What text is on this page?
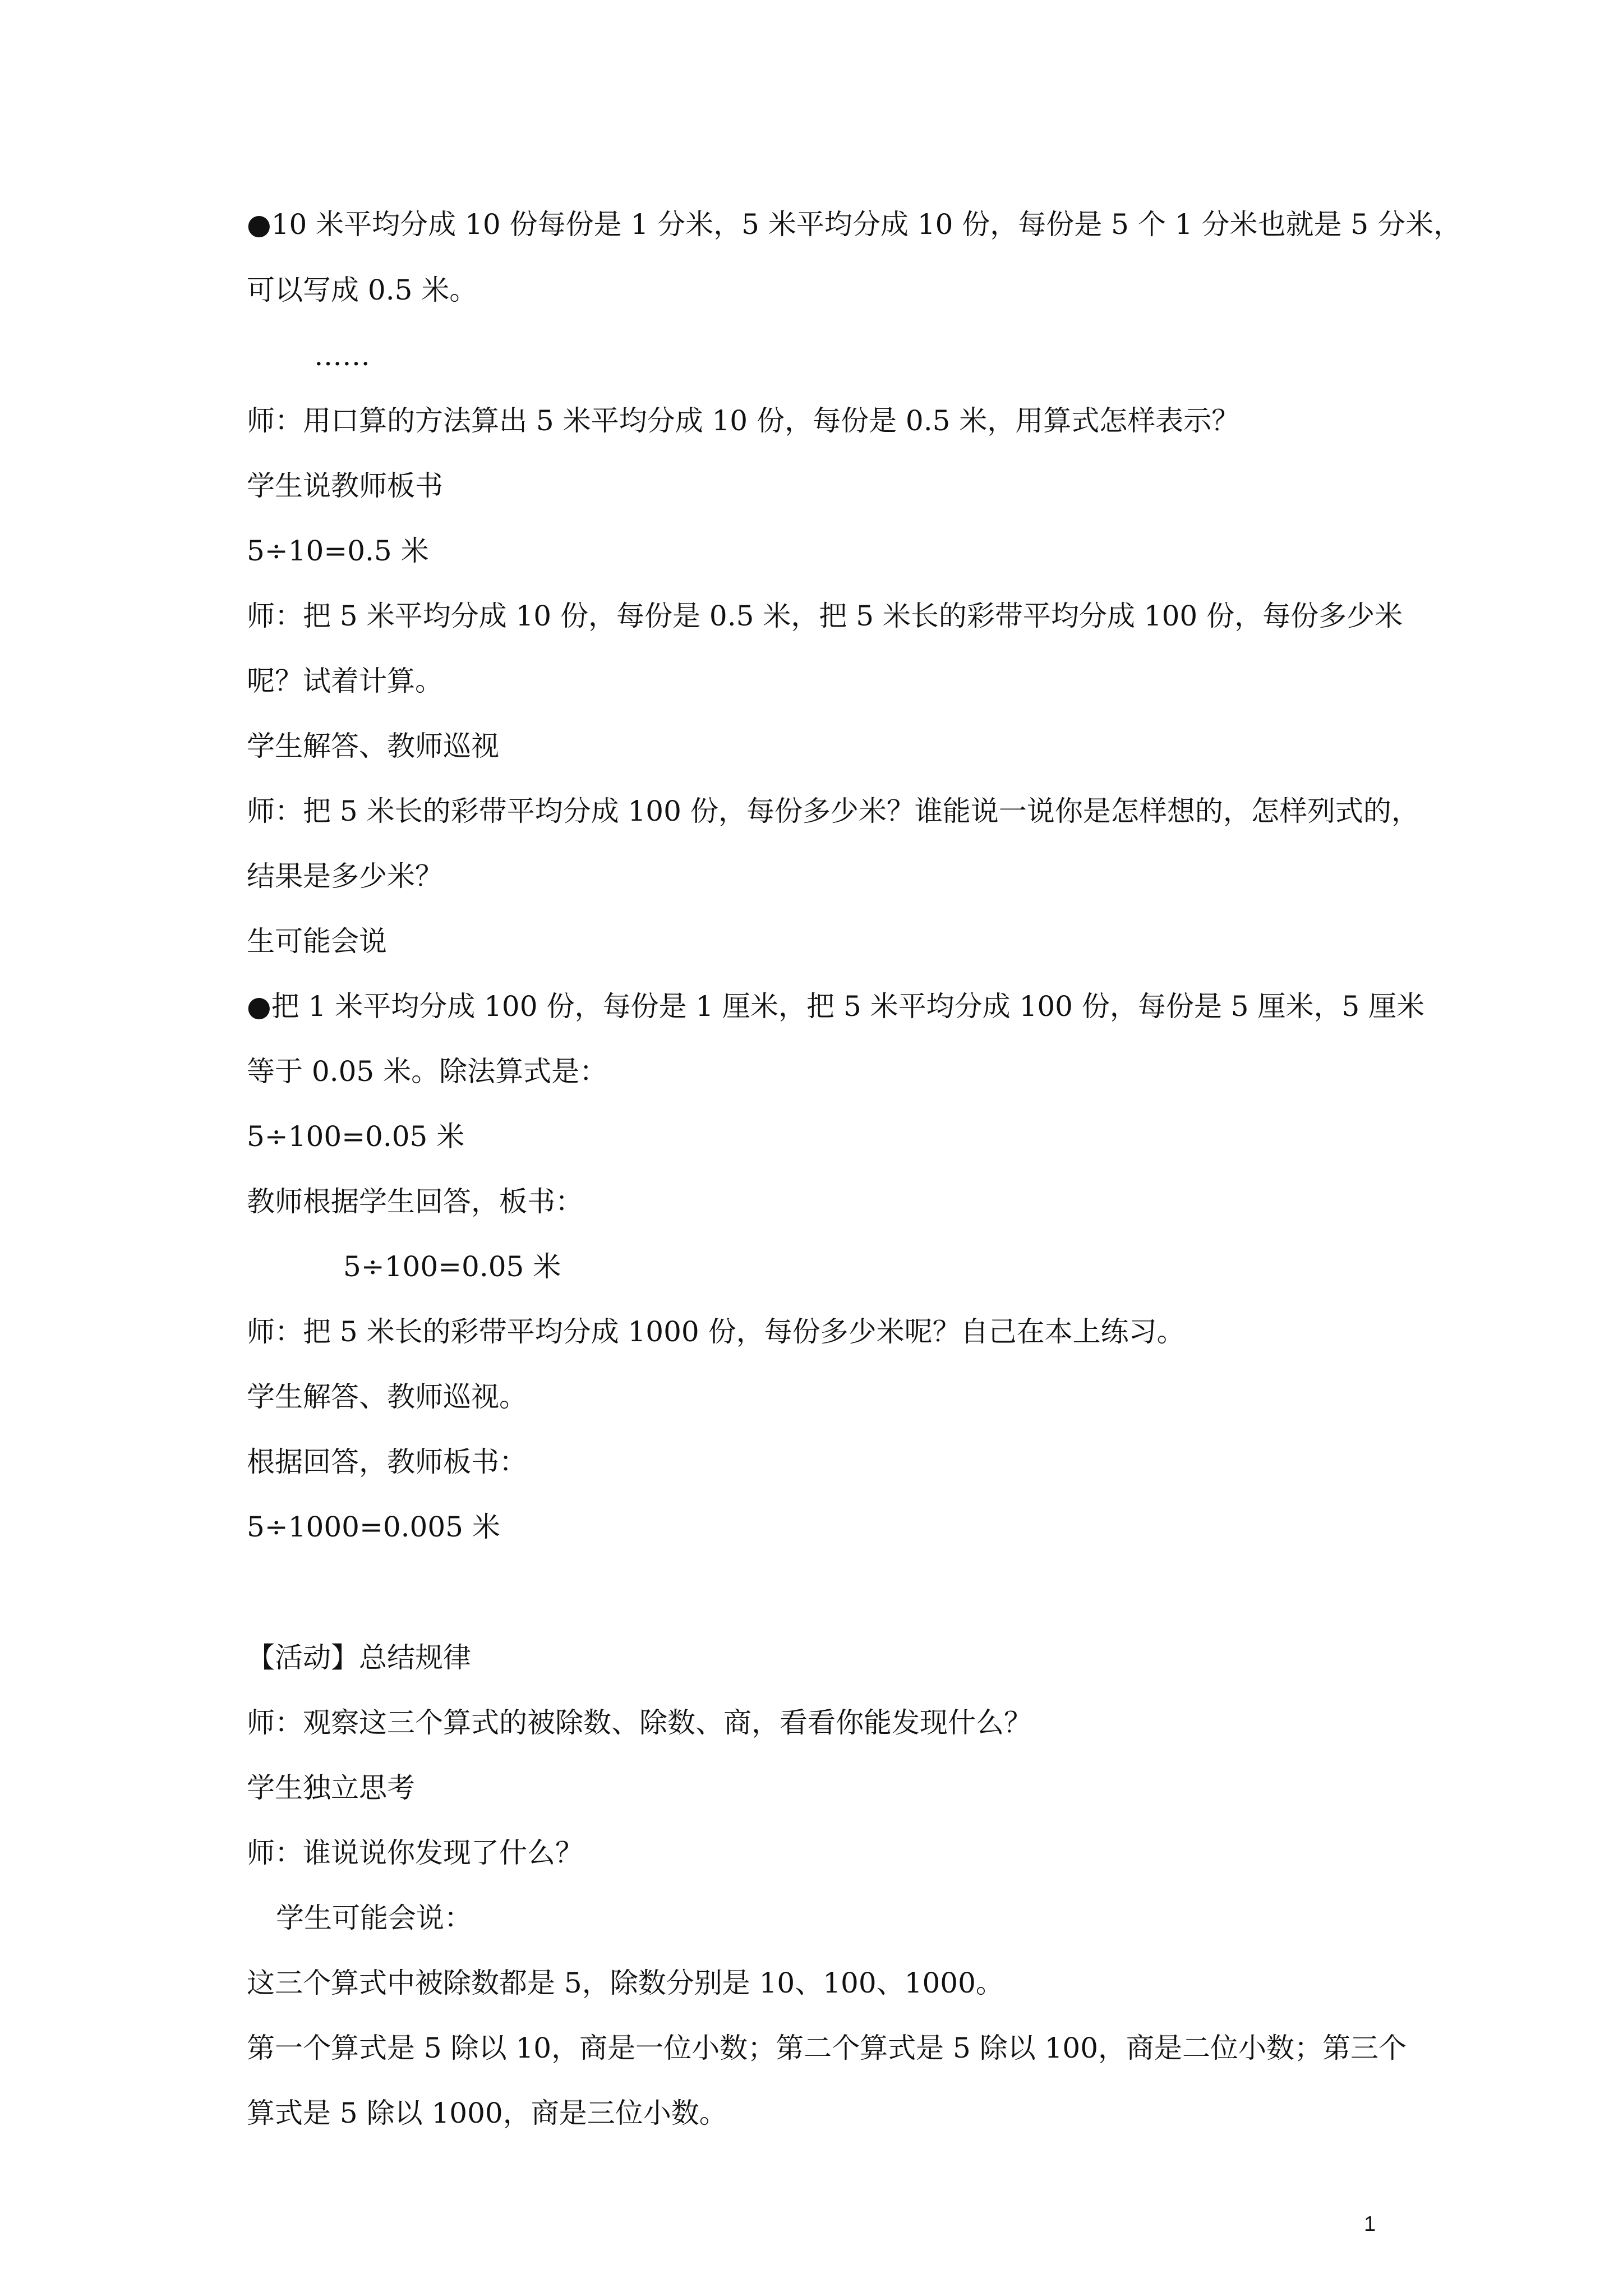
●10 米平均分成 10 份每份是 1 分米，5 米平均分成 10 份，每份是 5 个 1 分米也就是 5 分米，
可以写成 0.5 米。
……
师：用口算的方法算出 5 米平均分成 10 份，每份是 0.5 米，用算式怎样表示？
学生说教师板书
5÷10=0.5 米
师：把 5 米平均分成 10 份，每份是 0.5 米，把 5 米长的彩带平均分成 100 份，每份多少米
呢？试着计算。
学生解答、教师巡视
师：把 5 米长的彩带平均分成 100 份，每份多少米？谁能说一说你是怎样想的，怎样列式的，
结果是多少米？
生可能会说
●把 1 米平均分成 100 份，每份是 1 厘米，把 5 米平均分成 100 份，每份是 5 厘米，5 厘米
等于 0.05 米。除法算式是：
5÷100=0.05 米
教师根据学生回答，板书：
5÷100=0.05 米
师：把 5 米长的彩带平均分成 1000 份，每份多少米呢？自己在本上练习。
学生解答、教师巡视。
根据回答，教师板书：
5÷1000=0.005 米
【活动】总结规律
师：观察这三个算式的被除数、除数、商，看看你能发现什么？
学生独立思考
师：谁说说你发现了什么？
学生可能会说：
这三个算式中被除数都是 5，除数分别是 10、100、1000。
第一个算式是 5 除以 10，商是一位小数；第二个算式是 5 除以 100，商是二位小数；第三个
算式是 5 除以 1000，商是三位小数。
1
